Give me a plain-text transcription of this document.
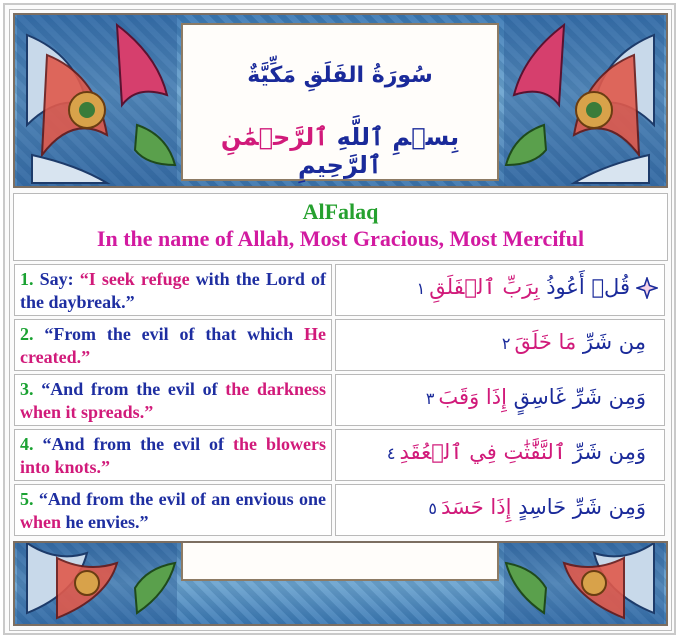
سُورَةُ الفَلَقِ مَكِّيَّةٌ
بِسۡمِ ٱللَّهِ ٱلرَّحۡمَٰنِ ٱلرَّحِيمِ
AlFalaq
In the name of Allah, Most Gracious, Most Merciful
1. Say: “I seek refuge with the Lord of the daybreak.”
قُلۡ أَعُوذُ بِرَبِّ ٱلۡفَلَقِ١
2. “From the evil of that which He created.”
مِن شَرِّ مَا خَلَقَ٢
3. “And from the evil of the darkness when it spreads.”
وَمِن شَرِّ غَاسِقٍ إِذَا وَقَبَ٣
4. “And from the evil of the blowers into knots.”
وَمِن شَرِّ ٱلنَّفَّٰثَٰتِ فِي ٱلۡعُقَدِ٤
5. “And from the evil of an envious one when he envies.”
وَمِن شَرِّ حَاسِدٍ إِذَا حَسَدَ٥
